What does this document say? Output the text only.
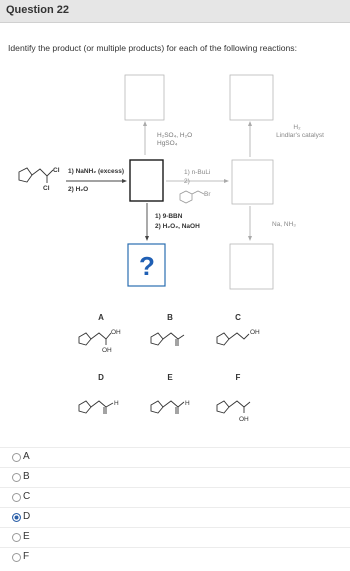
Question 22
Identify the product (or multiple products) for each of the following reactions:
H₂SO₄, H₂O
HgSO₄
Cl
Cl
1) NaNH₂ (excess)
2) H₂O
1) n-BuLi
2)
Br
H₂
Lindlar's catalyst
Na, NH₃
1) 9-BBN
2) H₂O₂, NaOH
?
A	B	C
D	E	F
OH
OH
OH
H	H
OH
A
B
C
D
E
F
